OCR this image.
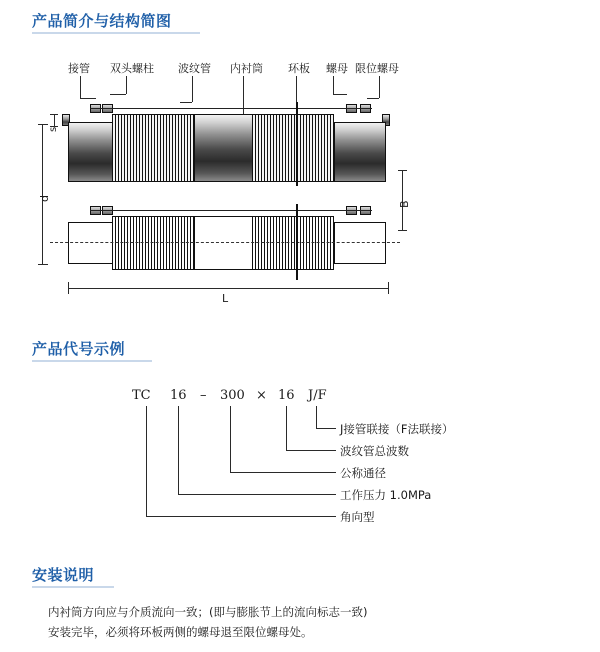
产品简介与结构简图
接管 双头螺柱 波纹管 内衬筒 环板 螺母 限位螺母
s
d
B
L
产品代号示例
TC 16 – 300 × 16 J/F
J接管联接（F法联接）
波纹管总波数
公称通径
工作压力 1.0MPa
角向型
安装说明
内衬筒方向应与介质流向一致；(即与膨胀节上的流向标志一致)
安装完毕，必须将环板两侧的螺母退至限位螺母处。
